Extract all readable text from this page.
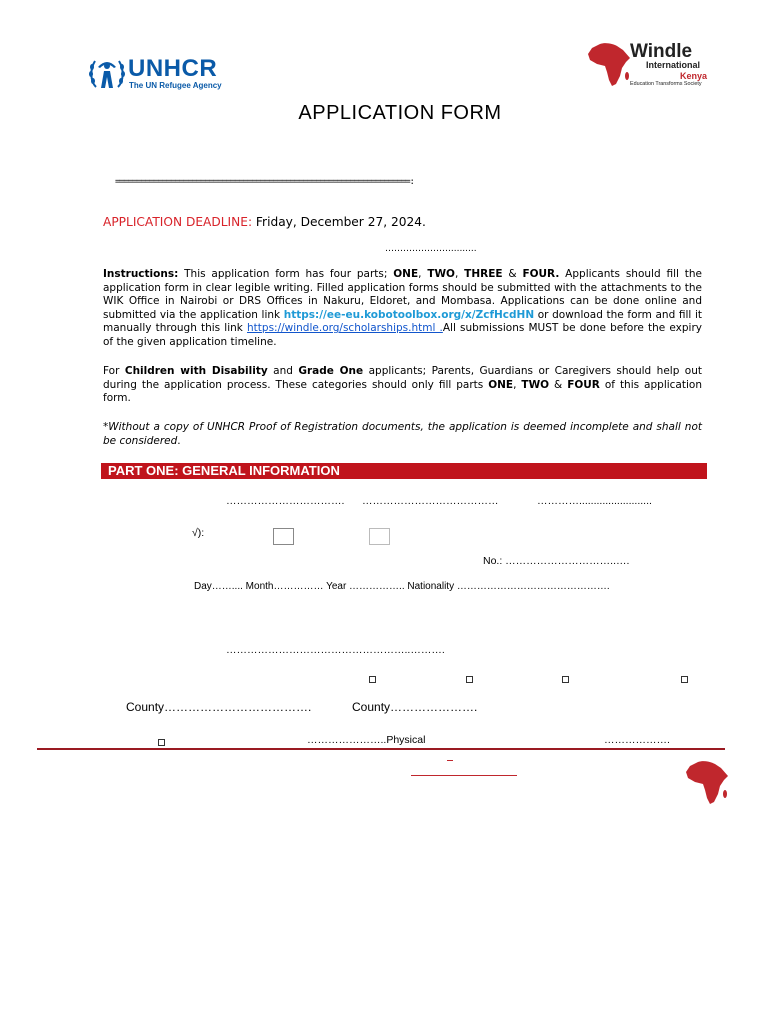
UNHCR
The UN Refugee Agency
Windle
International
Kenya
Education Transforms Society
APPLICATION FORM
=====================================================================:
APPLICATION DEADLINE: Friday, December 27, 2024.
…………………..........
Instructions: This application form has four parts; ONE, TWO, THREE & FOUR. Applicants should fill the application form in clear legible writing. Filled application forms should be submitted with the attachments to the WIK Office in Nairobi or DRS Offices in Nakuru, Eldoret, and Mombasa. Applications can be done online and submitted via the application link https://ee-eu.kobotoolbox.org/x/ZcfHcdHN or download the form and fill it manually through this link https://windle.org/scholarships.html .All submissions MUST be done before the expiry of the given application timeline.
For Children with Disability and Grade One applicants; Parents, Guardians or Caregivers should help out during the application process. These categories should only fill parts ONE, TWO & FOUR of this application form.
*Without a copy of UNHCR Proof of Registration documents, the application is deemed incomplete and shall not be considered.
PART ONE: GENERAL INFORMATION
……………………………. …………………………………	………….........................
√):
No.: …………………………..….
Day…….... Month…………… Year …………….. Nationality ……………………………………….
……………………………………………..……….
County……………………………….	County………………….
…………………..Physical	……………….
